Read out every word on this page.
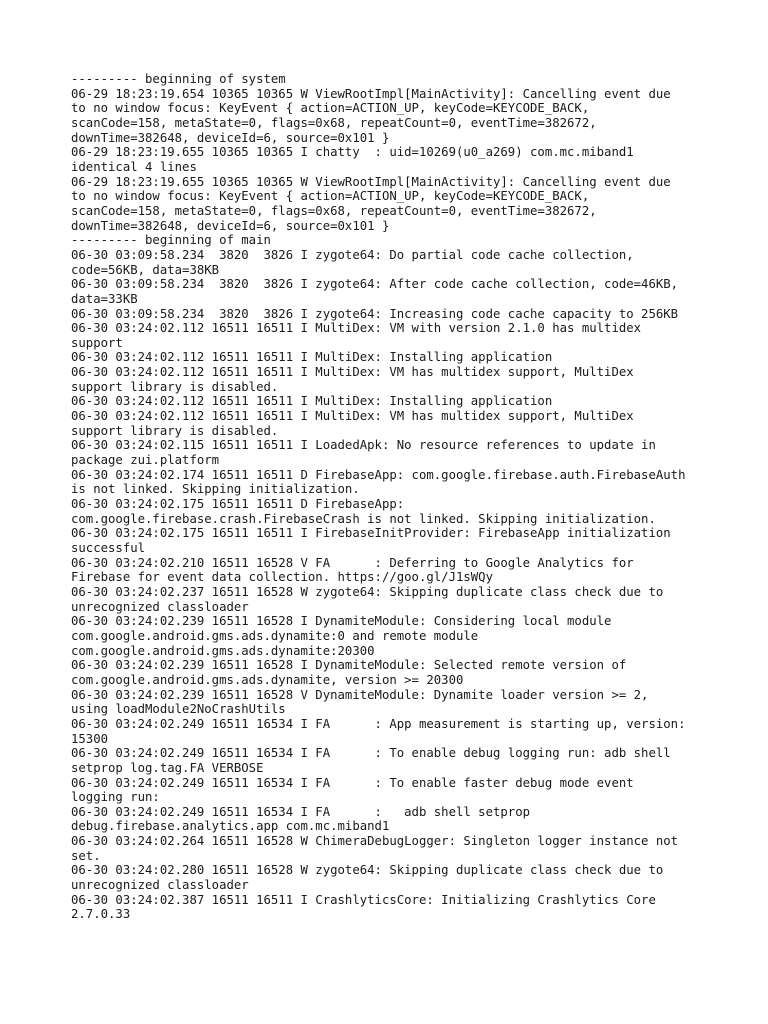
--------- beginning of system
06-29 18:23:19.654 10365 10365 W ViewRootImpl[MainActivity]: Cancelling event due
to no window focus: KeyEvent { action=ACTION_UP, keyCode=KEYCODE_BACK,
scanCode=158, metaState=0, flags=0x68, repeatCount=0, eventTime=382672,
downTime=382648, deviceId=6, source=0x101 }
06-29 18:23:19.655 10365 10365 I chatty  : uid=10269(u0_a269) com.mc.miband1
identical 4 lines
06-29 18:23:19.655 10365 10365 W ViewRootImpl[MainActivity]: Cancelling event due
to no window focus: KeyEvent { action=ACTION_UP, keyCode=KEYCODE_BACK,
scanCode=158, metaState=0, flags=0x68, repeatCount=0, eventTime=382672,
downTime=382648, deviceId=6, source=0x101 }
--------- beginning of main
06-30 03:09:58.234  3820  3826 I zygote64: Do partial code cache collection,
code=56KB, data=38KB
06-30 03:09:58.234  3820  3826 I zygote64: After code cache collection, code=46KB,
data=33KB
06-30 03:09:58.234  3820  3826 I zygote64: Increasing code cache capacity to 256KB
06-30 03:24:02.112 16511 16511 I MultiDex: VM with version 2.1.0 has multidex
support
06-30 03:24:02.112 16511 16511 I MultiDex: Installing application
06-30 03:24:02.112 16511 16511 I MultiDex: VM has multidex support, MultiDex
support library is disabled.
06-30 03:24:02.112 16511 16511 I MultiDex: Installing application
06-30 03:24:02.112 16511 16511 I MultiDex: VM has multidex support, MultiDex
support library is disabled.
06-30 03:24:02.115 16511 16511 I LoadedApk: No resource references to update in
package zui.platform
06-30 03:24:02.174 16511 16511 D FirebaseApp: com.google.firebase.auth.FirebaseAuth
is not linked. Skipping initialization.
06-30 03:24:02.175 16511 16511 D FirebaseApp:
com.google.firebase.crash.FirebaseCrash is not linked. Skipping initialization.
06-30 03:24:02.175 16511 16511 I FirebaseInitProvider: FirebaseApp initialization
successful
06-30 03:24:02.210 16511 16528 V FA      : Deferring to Google Analytics for
Firebase for event data collection. https://goo.gl/J1sWQy
06-30 03:24:02.237 16511 16528 W zygote64: Skipping duplicate class check due to
unrecognized classloader
06-30 03:24:02.239 16511 16528 I DynamiteModule: Considering local module
com.google.android.gms.ads.dynamite:0 and remote module
com.google.android.gms.ads.dynamite:20300
06-30 03:24:02.239 16511 16528 I DynamiteModule: Selected remote version of
com.google.android.gms.ads.dynamite, version >= 20300
06-30 03:24:02.239 16511 16528 V DynamiteModule: Dynamite loader version >= 2,
using loadModule2NoCrashUtils
06-30 03:24:02.249 16511 16534 I FA      : App measurement is starting up, version:
15300
06-30 03:24:02.249 16511 16534 I FA      : To enable debug logging run: adb shell
setprop log.tag.FA VERBOSE
06-30 03:24:02.249 16511 16534 I FA      : To enable faster debug mode event
logging run:
06-30 03:24:02.249 16511 16534 I FA      :   adb shell setprop
debug.firebase.analytics.app com.mc.miband1
06-30 03:24:02.264 16511 16528 W ChimeraDebugLogger: Singleton logger instance not
set.
06-30 03:24:02.280 16511 16528 W zygote64: Skipping duplicate class check due to
unrecognized classloader
06-30 03:24:02.387 16511 16511 I CrashlyticsCore: Initializing Crashlytics Core
2.7.0.33
